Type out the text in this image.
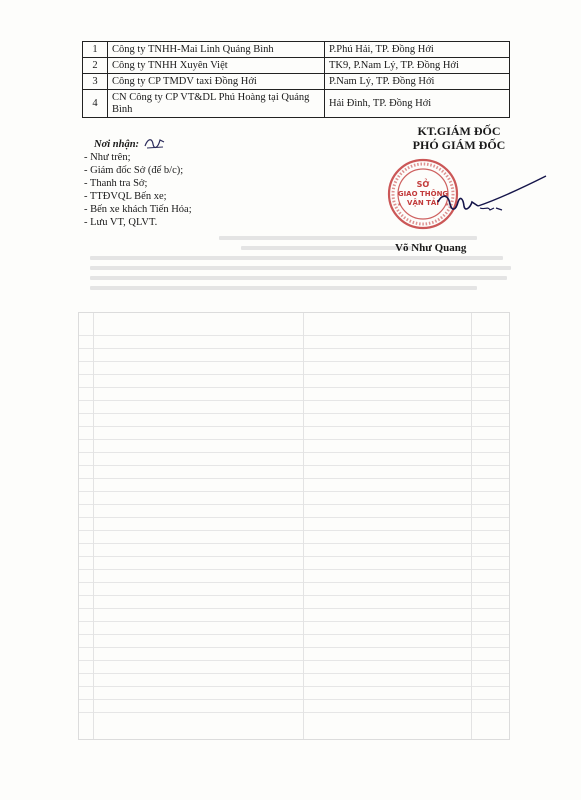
1	Công ty TNHH-Mai Linh Quảng Bình	P.Phú Hải, TP. Đồng Hới
2	Công ty TNHH Xuyên Việt	TK9, P.Nam Lý, TP. Đồng Hới
3	Công ty CP TMDV taxi Đồng Hới	P.Nam Lý, TP. Đồng Hới
4	CN Công ty CP VT&DL Phú Hoàng tại Quảng Bình	Hải Đình, TP. Đồng Hới
Nơi nhận:
- Như trên;
- Giám đốc Sở (để b/c);
- Thanh tra Sở;
- TTĐVQL Bến xe;
- Bến xe khách Tiến Hóa;
- Lưu VT, QLVT.
KT.GIÁM ĐỐC
PHÓ GIÁM ĐỐC
★	★
SỞ
GIAO THÔNG
VẬN TẢI
Võ Như Quang
